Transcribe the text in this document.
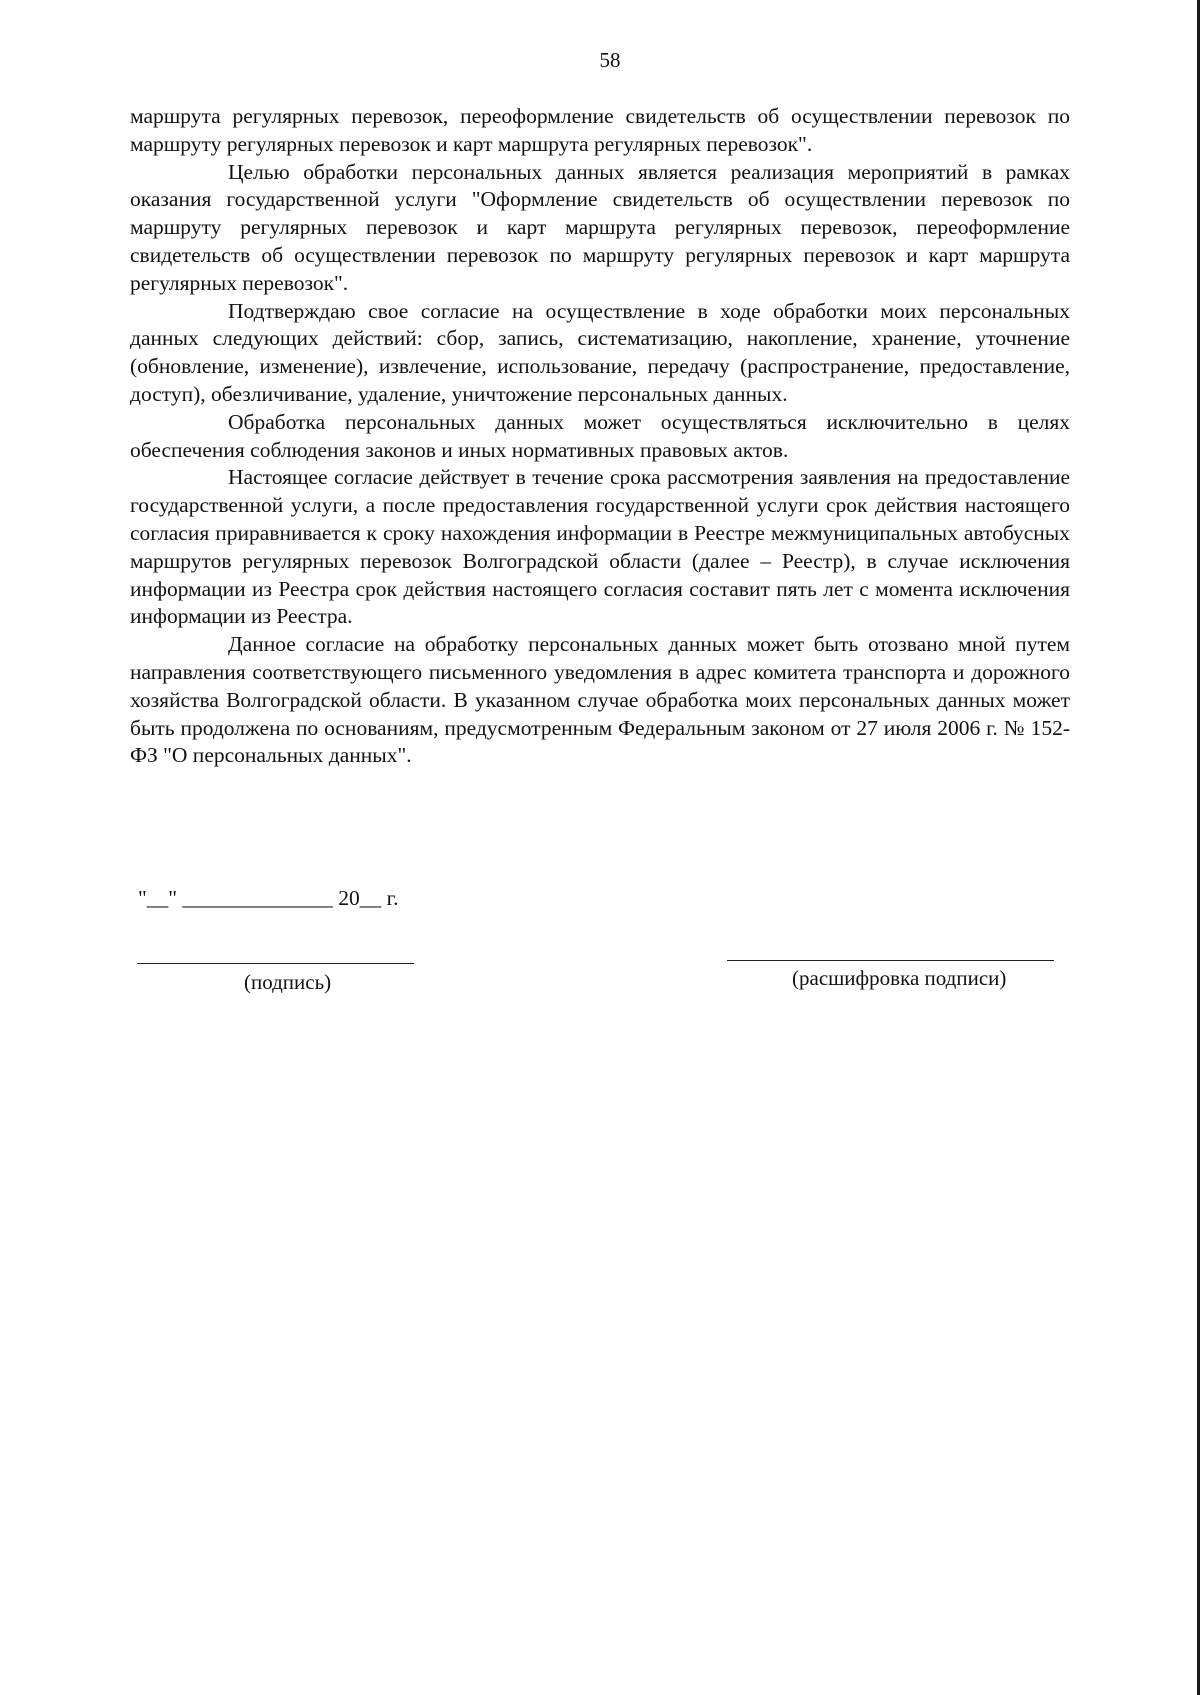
58

маршрута регулярных перевозок, переоформление свидетельств об осуществлении перевозок по маршруту регулярных перевозок и карт маршрута регулярных перевозок".

Целью обработки персональных данных является реализация мероприятий в рамках оказания государственной услуги "Оформление свидетельств об осуществлении перевозок по маршруту регулярных перевозок и карт маршрута регулярных перевозок, переоформление свидетельств об осуществлении перевозок по маршруту регулярных перевозок и карт маршрута регулярных перевозок".

Подтверждаю свое согласие на осуществление в ходе обработки моих персональных данных следующих действий: сбор, запись, систематизацию, накопление, хранение, уточнение (обновление, изменение), извлечение, использование, передачу (распространение, предоставление, доступ), обезличивание, удаление, уничтожение персональных данных.

Обработка персональных данных может осуществляться исключительно в целях обеспечения соблюдения законов и иных нормативных правовых актов.

Настоящее согласие действует в течение срока рассмотрения заявления на предоставление государственной услуги, а после предоставления государственной услуги срок действия настоящего согласия приравнивается к сроку нахождения информации в Реестре межмуниципальных автобусных маршрутов регулярных перевозок Волгоградской области (далее – Реестр), в случае исключения информации из Реестра срок действия настоящего согласия составит пять лет с момента исключения информации из Реестра.

Данное согласие на обработку персональных данных может быть отозвано мной путем направления соответствующего письменного уведомления в адрес комитета транспорта и дорожного хозяйства Волгоградской области. В указанном случае обработка моих персональных данных может быть продолжена по основаниям, предусмотренным Федеральным законом от 27 июля 2006 г. № 152-ФЗ "О персональных данных".

"__" ______________ 20__ г.
(подпись)	(расшифровка подписи)
